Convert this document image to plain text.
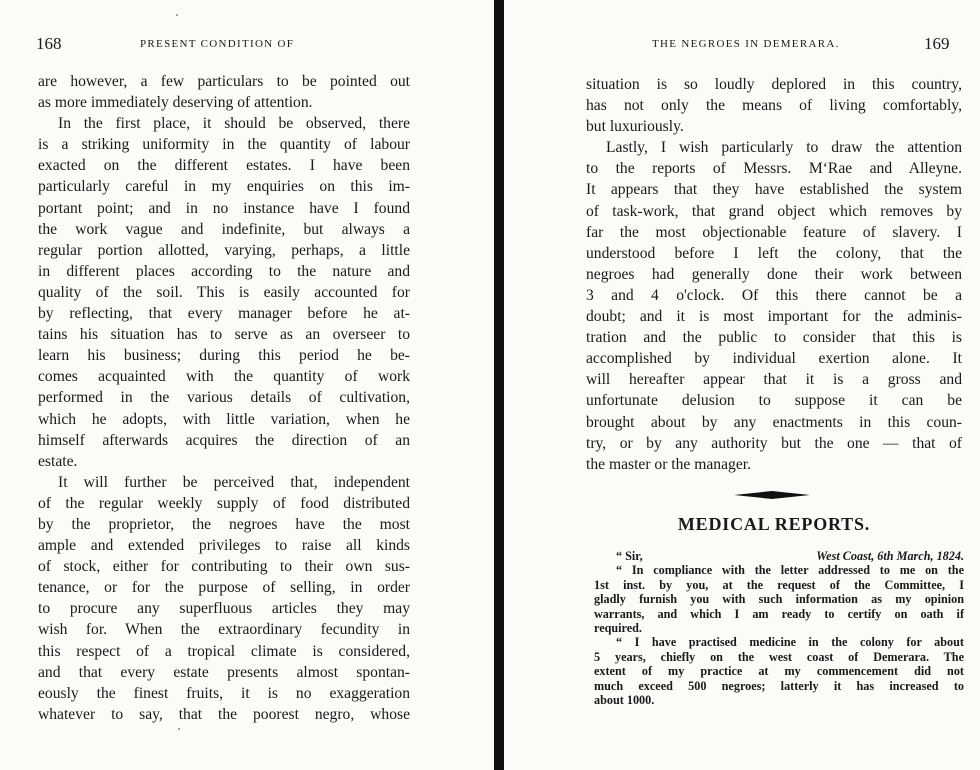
168	PRESENT CONDITION OF
are however, a few particulars to be pointed out
as more immediately deserving of attention.
In the first place, it should be observed, there
is a striking uniformity in the quantity of labour
exacted on the different estates. I have been
particularly careful in my enquiries on this im-
portant point; and in no instance have I found
the work vague and indefinite, but always a
regular portion allotted, varying, perhaps, a little
in different places according to the nature and
quality of the soil. This is easily accounted for
by reflecting, that every manager before he at-
tains his situation has to serve as an overseer to
learn his business; during this period he be-
comes acquainted with the quantity of work
performed in the various details of cultivation,
which he adopts, with little variation, when he
himself afterwards acquires the direction of an
estate.
It will further be perceived that, independent
of the regular weekly supply of food distributed
by the proprietor, the negroes have the most
ample and extended privileges to raise all kinds
of stock, either for contributing to their own sus-
tenance, or for the purpose of selling, in order
to procure any superfluous articles they may
wish for. When the extraordinary fecundity in
this respect of a tropical climate is considered,
and that every estate presents almost spontan-
eously the finest fruits, it is no exaggeration
whatever to say, that the poorest negro, whose
THE NEGROES IN DEMERARA.	169
situation is so loudly deplored in this country,
has not only the means of living comfortably,
but luxuriously.
Lastly, I wish particularly to draw the attention
to the reports of Messrs. M‘Rae and Alleyne.
It appears that they have established the system
of task-work, that grand object which removes by
far the most objectionable feature of slavery. I
understood before I left the colony, that the
negroes had generally done their work between
3 and 4 o'clock. Of this there cannot be a
doubt; and it is most important for the adminis-
tration and the public to consider that this is
accomplished by individual exertion alone. It
will hereafter appear that it is a gross and
unfortunate delusion to suppose it can be
brought about by any enactments in this coun-
try, or by any authority but the one — that of
the master or the manager.
MEDICAL REPORTS.
“ Sir,	West Coast, 6th March, 1824.
“ In compliance with the letter addressed to me on the
1st inst. by you, at the request of the Committee, I
gladly furnish you with such information as my opinion
warrants, and which I am ready to certify on oath if
required.
“ I have practised medicine in the colony for about
5 years, chiefly on the west coast of Demerara. The
extent of my practice at my commencement did not
much exceed 500 negroes; latterly it has increased to
about 1000.
